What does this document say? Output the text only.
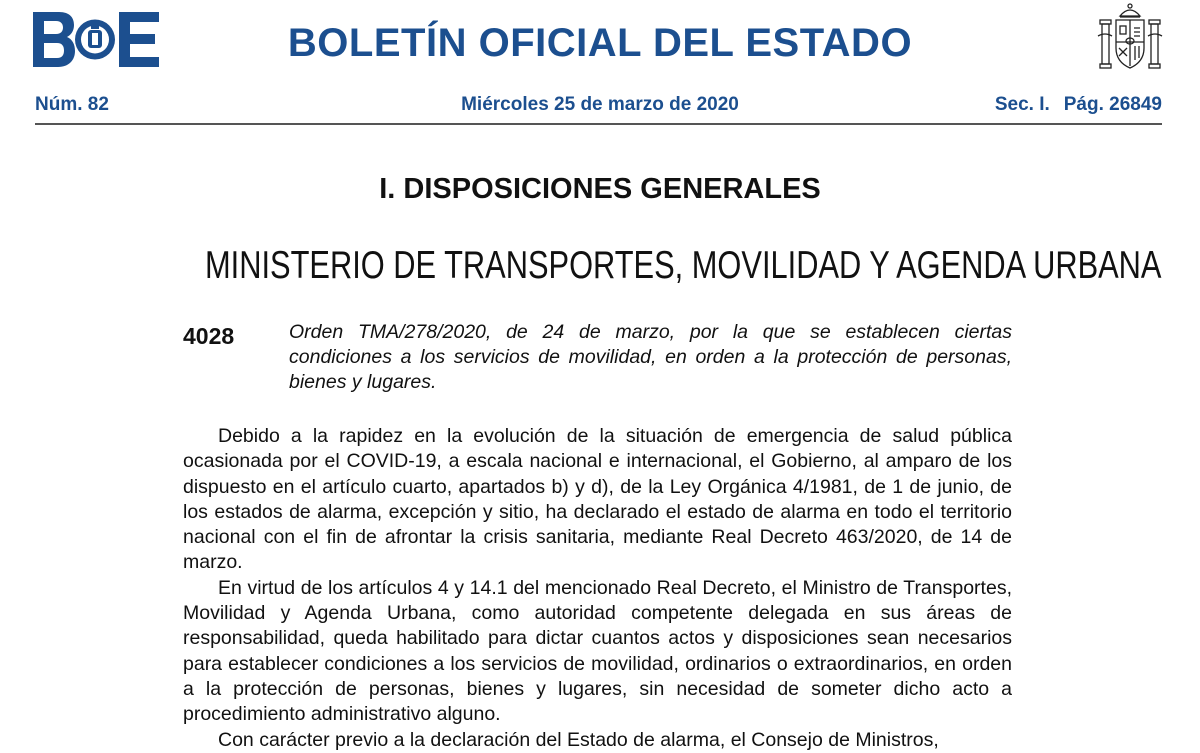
BOLETÍN OFICIAL DEL ESTADO
Núm. 82	Miércoles 25 de marzo de 2020	Sec. I. Pág. 26849
I. DISPOSICIONES GENERALES
MINISTERIO DE TRANSPORTES, MOVILIDAD Y AGENDA URBANA
4028	Orden TMA/278/2020, de 24 de marzo, por la que se establecen ciertas condiciones a los servicios de movilidad, en orden a la protección de personas, bienes y lugares.

Debido a la rapidez en la evolución de la situación de emergencia de salud pública ocasionada por el COVID-19, a escala nacional e internacional, el Gobierno, al amparo de los dispuesto en el artículo cuarto, apartados b) y d), de la Ley Orgánica 4/1981, de 1 de junio, de los estados de alarma, excepción y sitio, ha declarado el estado de alarma en todo el territorio nacional con el fin de afrontar la crisis sanitaria, mediante Real Decreto 463/2020, de 14 de marzo.

En virtud de los artículos 4 y 14.1 del mencionado Real Decreto, el Ministro de Transportes, Movilidad y Agenda Urbana, como autoridad competente delegada en sus áreas de responsabilidad, queda habilitado para dictar cuantos actos y disposiciones sean necesarios para establecer condiciones a los servicios de movilidad, ordinarios o extraordinarios, en orden a la protección de personas, bienes y lugares, sin necesidad de someter dicho acto a procedimiento administrativo alguno.

Con carácter previo a la declaración del Estado de alarma, el Consejo de Ministros,
